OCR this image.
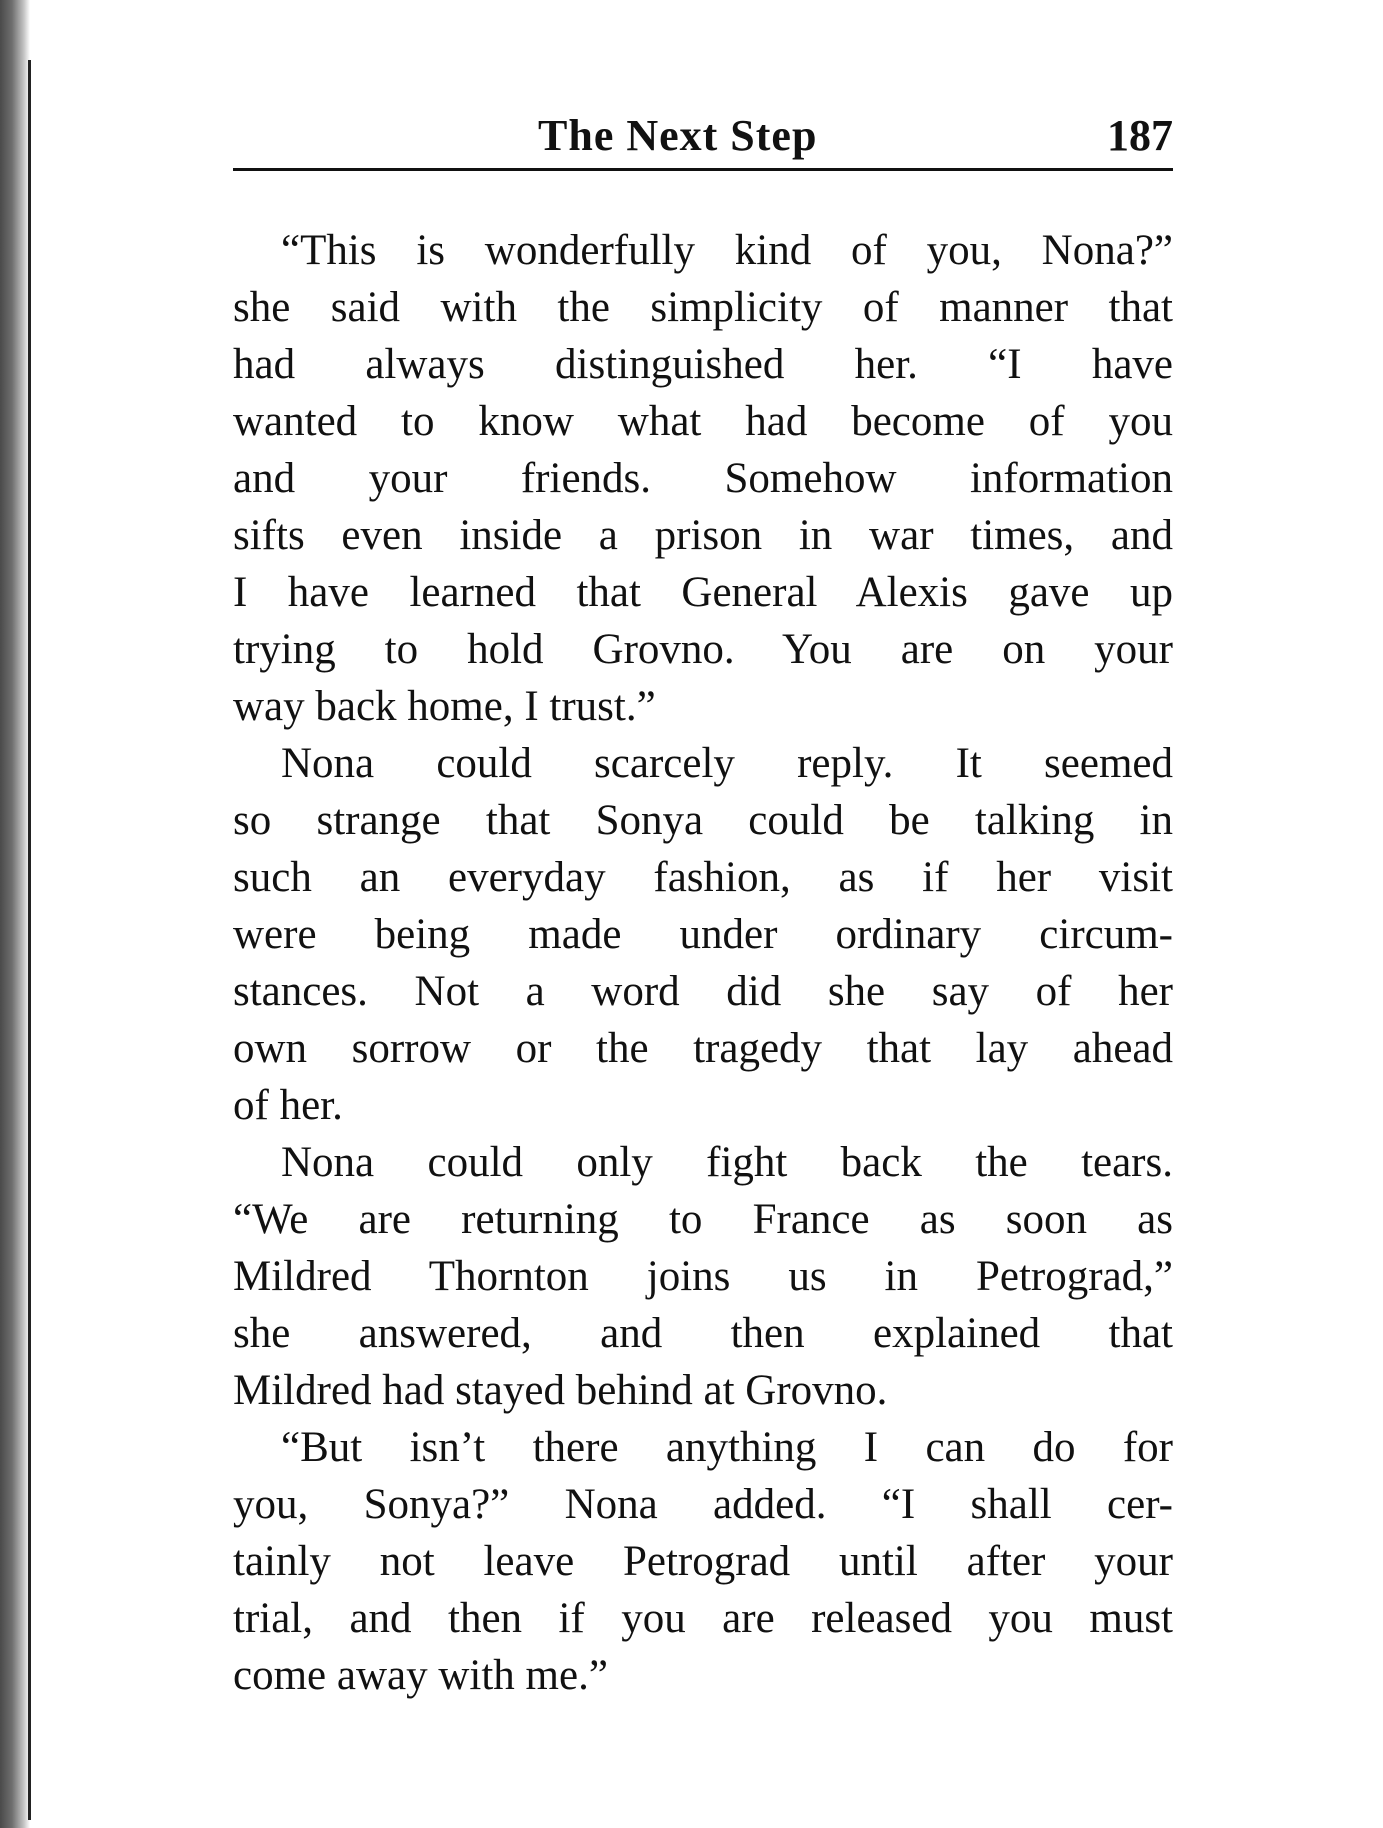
The Next Step	187
“This is wonderfully kind of you, Nona?”
she said with the simplicity of manner that
had always distinguished her. “I have
wanted to know what had become of you
and your friends. Somehow information
sifts even inside a prison in war times, and
I have learned that General Alexis gave up
trying to hold Grovno. You are on your
way back home, I trust.”
Nona could scarcely reply. It seemed
so strange that Sonya could be talking in
such an everyday fashion, as if her visit
were being made under ordinary circum-
stances. Not a word did she say of her
own sorrow or the tragedy that lay ahead
of her.
Nona could only fight back the tears.
“We are returning to France as soon as
Mildred Thornton joins us in Petrograd,”
she answered, and then explained that
Mildred had stayed behind at Grovno.
“But isn’t there anything I can do for
you, Sonya?” Nona added. “I shall cer-
tainly not leave Petrograd until after your
trial, and then if you are released you must
come away with me.”
